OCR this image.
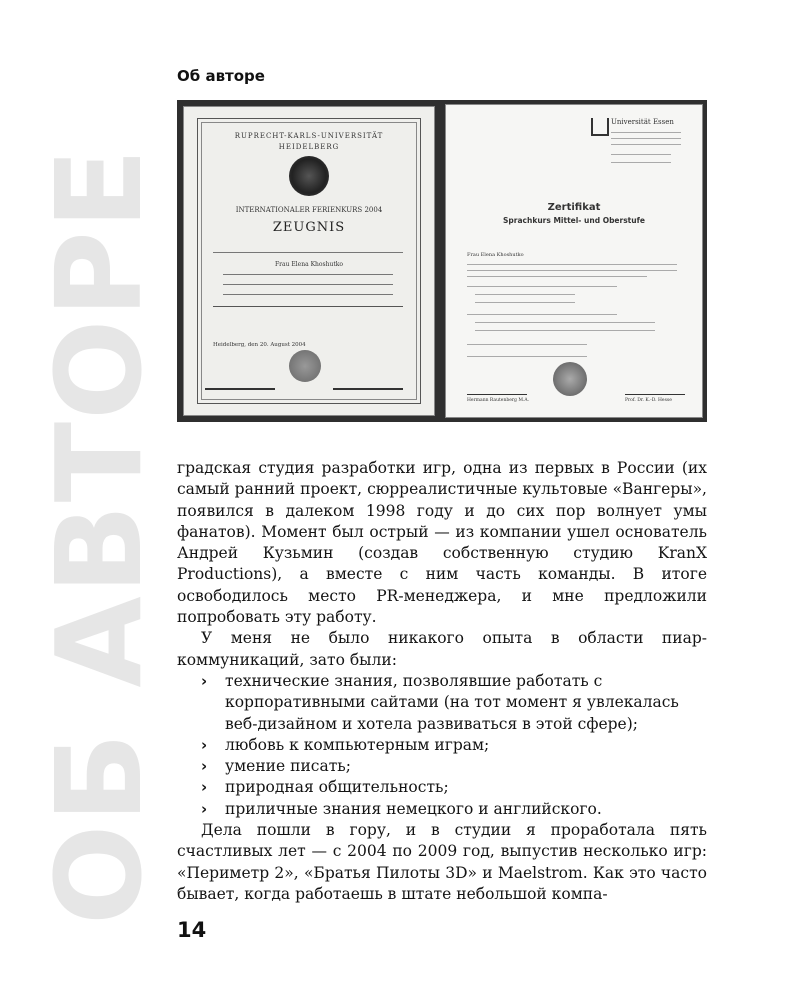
Об авторе
ОБ АВТОРЕ
RUPRECHT-KARLS-UNIVERSITÄT
HEIDELBERG
INTERNATIONALER FERIENKURS 2004
ZEUGNIS
Frau Elena Khoshutko
Heidelberg, den 20. August 2004
Universität Essen
Zertifikat
Sprachkurs Mittel- und Oberstufe
Frau Elena Khoshutko
Hermann Rautenberg M.A.	Prof. Dr. K.-D. Hesse

градская студия разработки игр, одна из первых в России (их самый ранний проект, сюрреалистичные культовые «Вангеры», появился в далеком 1998 году и до сих пор волнует умы фанатов). Момент был острый — из компании ушел основатель Андрей Кузьмин (создав собственную студию KranX Productions), а вместе с ним часть команды. В итоге освободилось место PR-менеджера, и мне предложили попробовать эту работу.

У меня не было никакого опыта в области пиар-коммуникаций, зато были:

› технические знания, позволявшие работать с корпоративными сайтами (на тот момент я увлекалась веб-дизайном и хотела развиваться в этой сфере);
› любовь к компьютерным играм;
› умение писать;
› природная общительность;
› приличные знания немецкого и английского.

Дела пошли в гору, и в студии я проработала пять счастливых лет — с 2004 по 2009 год, выпустив несколько игр: «Периметр 2», «Братья Пилоты 3D» и Maelstrom. Как это часто бывает, когда работаешь в штате небольшой компа-

14
